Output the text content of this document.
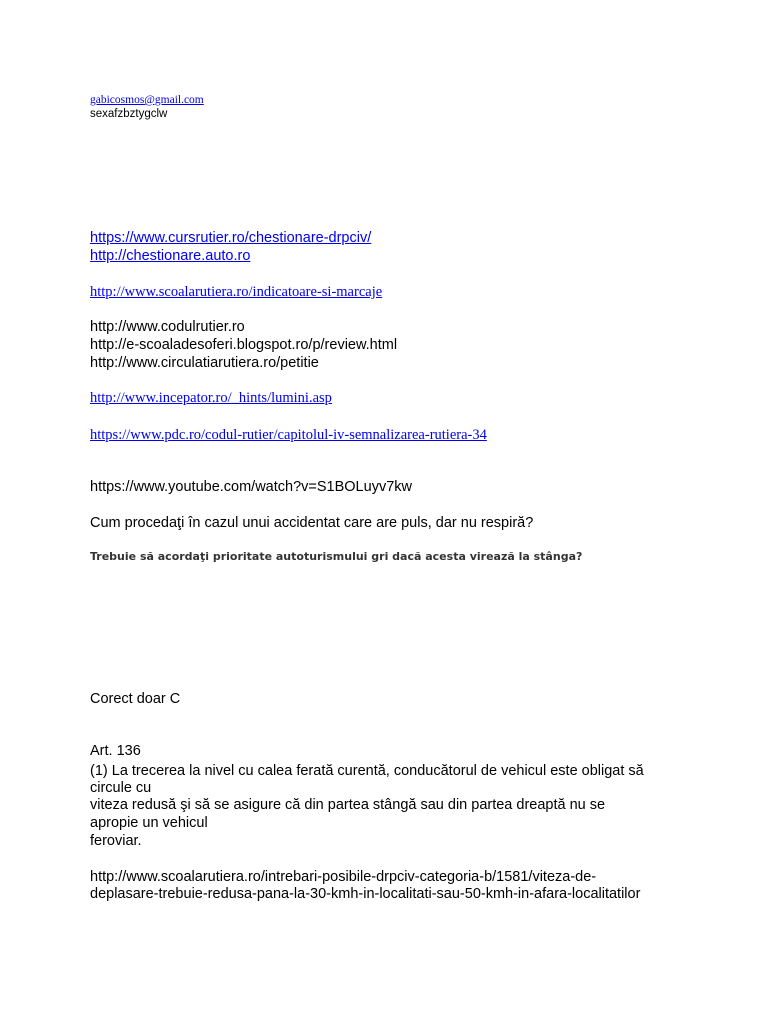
gabicosmos@gmail.com

sexafzbztygclw

https://www.cursrutier.ro/chestionare-drpciv/
http://chestionare.auto.ro
http://www.scoalarutiera.ro/indicatoare-si-marcaje

http://www.codulrutier.ro

http://e-scoaladesoferi.blogspot.ro/p/review.html

http://www.circulatiarutiera.ro/petitie

http://www.incepator.ro/_hints/lumini.asp
https://www.pdc.ro/codul-rutier/capitolul-iv-semnalizarea-rutiera-34

https://www.youtube.com/watch?v=S1BOLuyv7kw

Cum procedaţi în cazul unui accidentat care are puls, dar nu respiră?

Trebuie să acordaţi prioritate autoturismului gri dacă acesta virează la stânga?

Corect doar C

Art. 136

(1) La trecerea la nivel cu calea ferată curentă, conducătorul de vehicul este obligat să

circule cu

viteza redusă şi să se asigure că din partea stângă sau din partea dreaptă nu se

apropie un vehicul

feroviar.

http://www.scoalarutiera.ro/intrebari-posibile-drpciv-categoria-b/1581/viteza-de-

deplasare-trebuie-redusa-pana-la-30-kmh-in-localitati-sau-50-kmh-in-afara-localitatilor
